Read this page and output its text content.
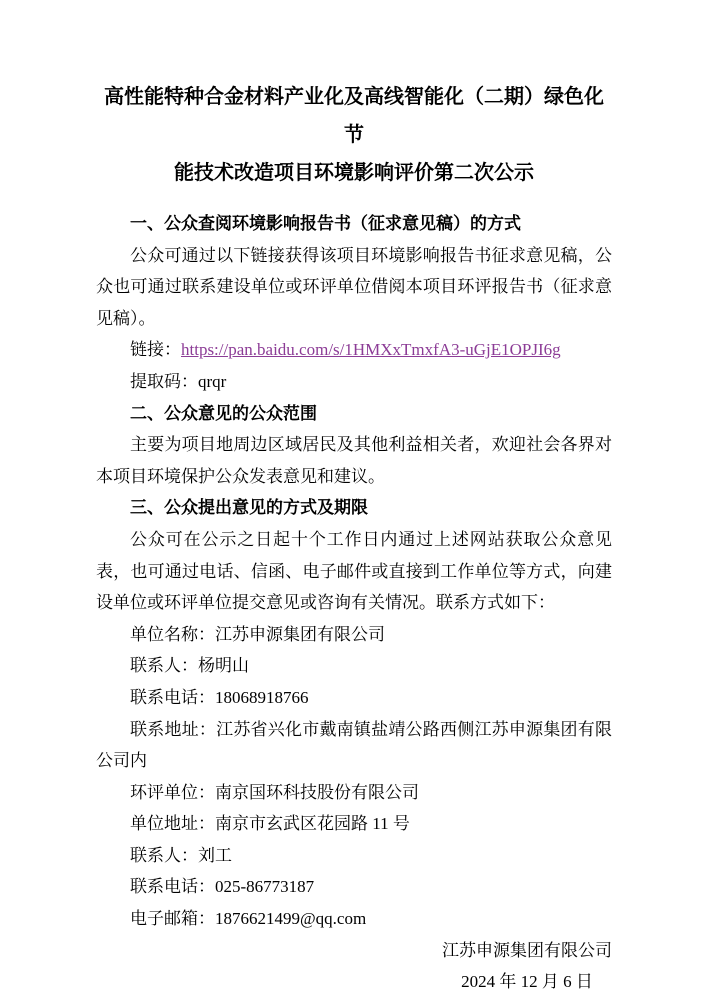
高性能特种合金材料产业化及高线智能化（二期）绿色化节
能技术改造项目环境影响评价第二次公示

一、公众查阅环境影响报告书（征求意见稿）的方式

公众可通过以下链接获得该项目环境影响报告书征求意见稿，公众也可通过联系建设单位或环评单位借阅本项目环评报告书（征求意见稿）。

链接：https://pan.baidu.com/s/1HMXxTmxfA3-uGjE1OPJI6g

提取码：qrqr

二、公众意见的公众范围

主要为项目地周边区域居民及其他利益相关者，欢迎社会各界对本项目环境保护公众发表意见和建议。

三、公众提出意见的方式及期限

公众可在公示之日起十个工作日内通过上述网站获取公众意见表，也可通过电话、信函、电子邮件或直接到工作单位等方式，向建设单位或环评单位提交意见或咨询有关情况。联系方式如下：

单位名称：江苏申源集团有限公司

联系人：杨明山

联系电话：18068918766

联系地址：江苏省兴化市戴南镇盐靖公路西侧江苏申源集团有限公司内

环评单位：南京国环科技股份有限公司

单位地址：南京市玄武区花园路 11 号

联系人：刘工

联系电话：025-86773187

电子邮箱：1876621499@qq.com

江苏申源集团有限公司
2024 年 12 月 6 日
